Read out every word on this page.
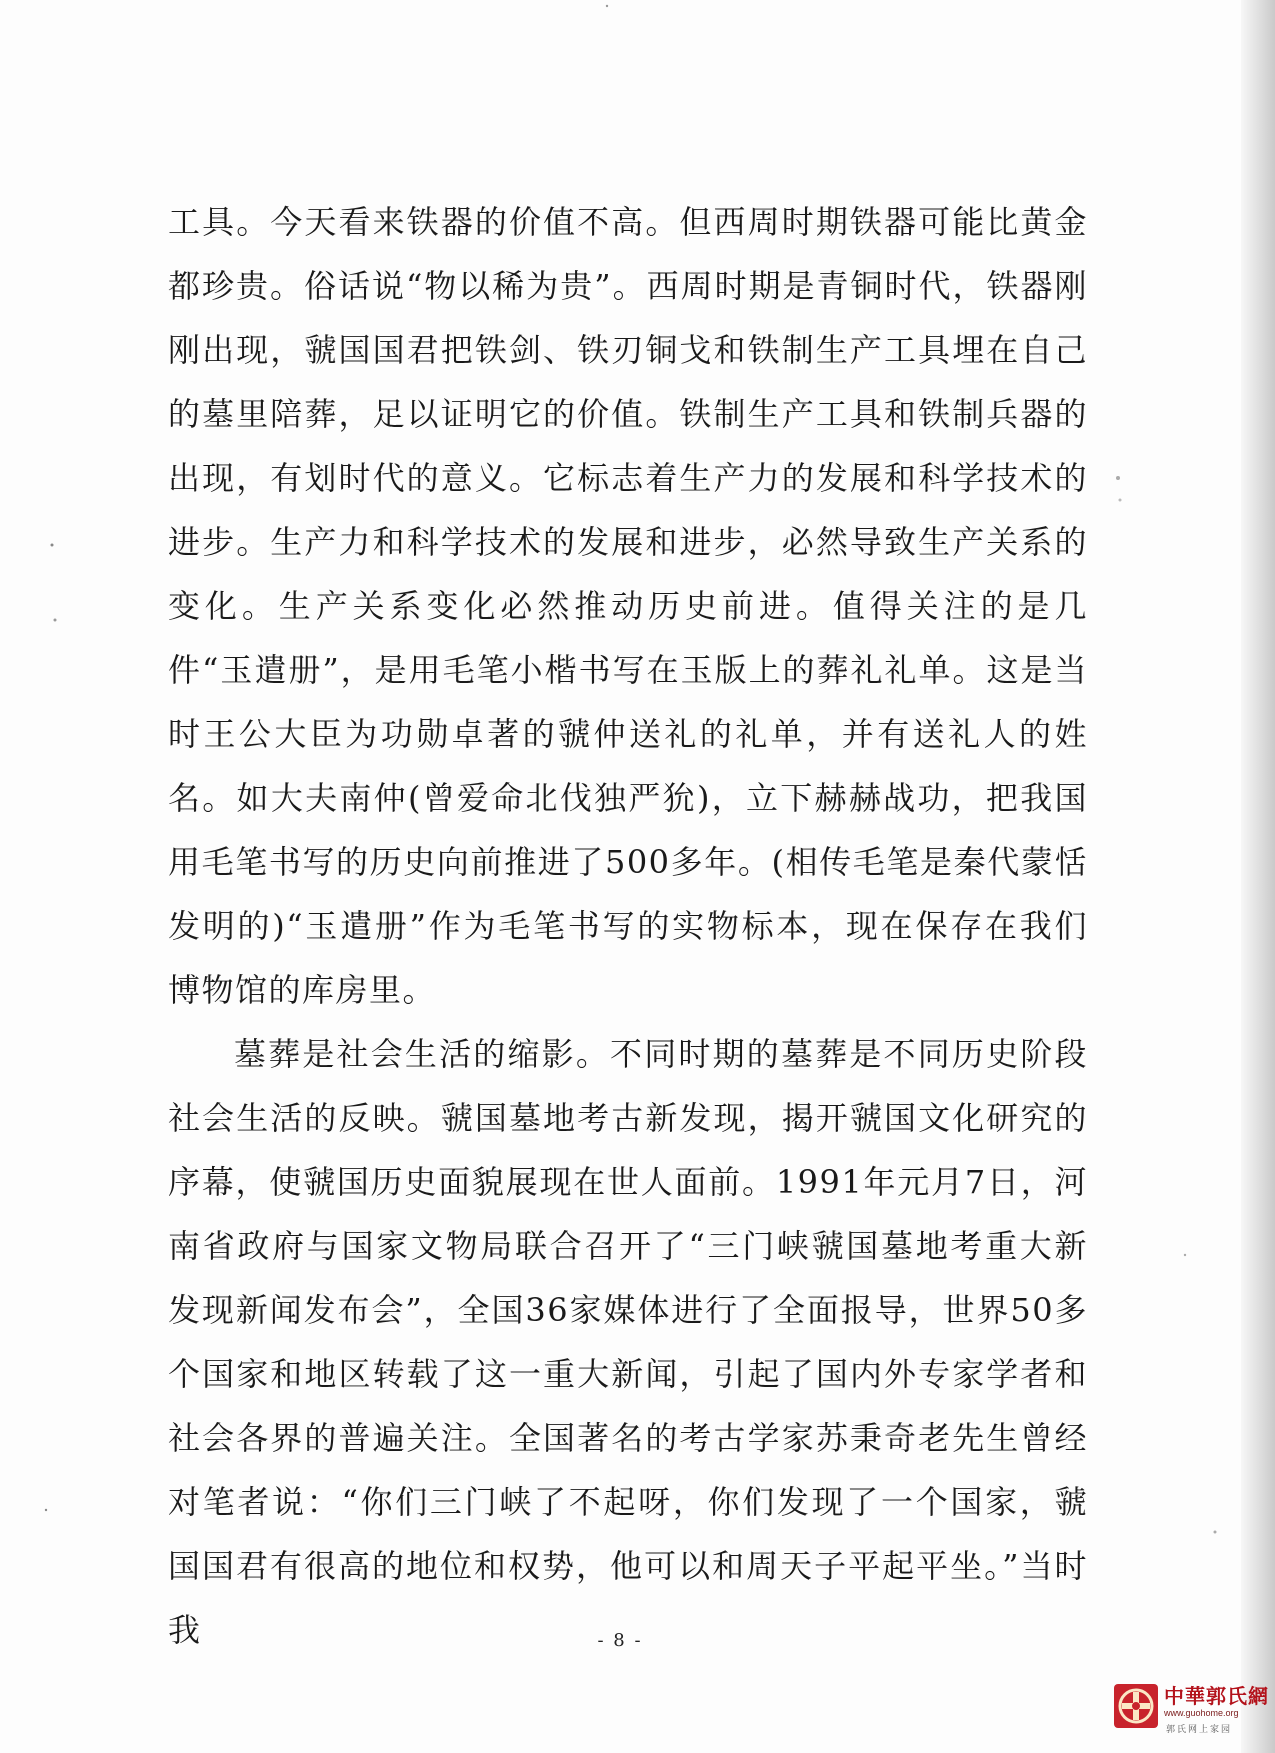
工具。今天看来铁器的价值不高。但西周时期铁器可能比黄金都珍贵。俗话说“物以稀为贵”。西周时期是青铜时代，铁器刚刚出现，虢国国君把铁剑、铁刃铜戈和铁制生产工具埋在自己的墓里陪葬，足以证明它的价值。铁制生产工具和铁制兵器的出现，有划时代的意义。它标志着生产力的发展和科学技术的进步。生产力和科学技术的发展和进步，必然导致生产关系的变化。生产关系变化必然推动历史前进。值得关注的是几件“玉遣册”，是用毛笔小楷书写在玉版上的葬礼礼单。这是当时王公大臣为功勋卓著的虢仲送礼的礼单，并有送礼人的姓名。如大夫南仲(曾爱命北伐独严狁)，立下赫赫战功，把我国用毛笔书写的历史向前推进了500多年。(相传毛笔是秦代蒙恬发明的)“玉遣册”作为毛笔书写的实物标本，现在保存在我们博物馆的库房里。

墓葬是社会生活的缩影。不同时期的墓葬是不同历史阶段社会生活的反映。虢国墓地考古新发现，揭开虢国文化研究的序幕，使虢国历史面貌展现在世人面前。1991年元月7日，河南省政府与国家文物局联合召开了“三门峡虢国墓地考重大新发现新闻发布会”，全国36家媒体进行了全面报导，世界50多个国家和地区转载了这一重大新闻，引起了国内外专家学者和社会各界的普遍关注。全国著名的考古学家苏秉奇老先生曾经对笔者说：“你们三门峡了不起呀，你们发现了一个国家，虢国国君有很高的地位和权势，他可以和周天子平起平坐。”当时我	- 8 -
中華郭氏網
www.guohome.org
郭氏网上家园
